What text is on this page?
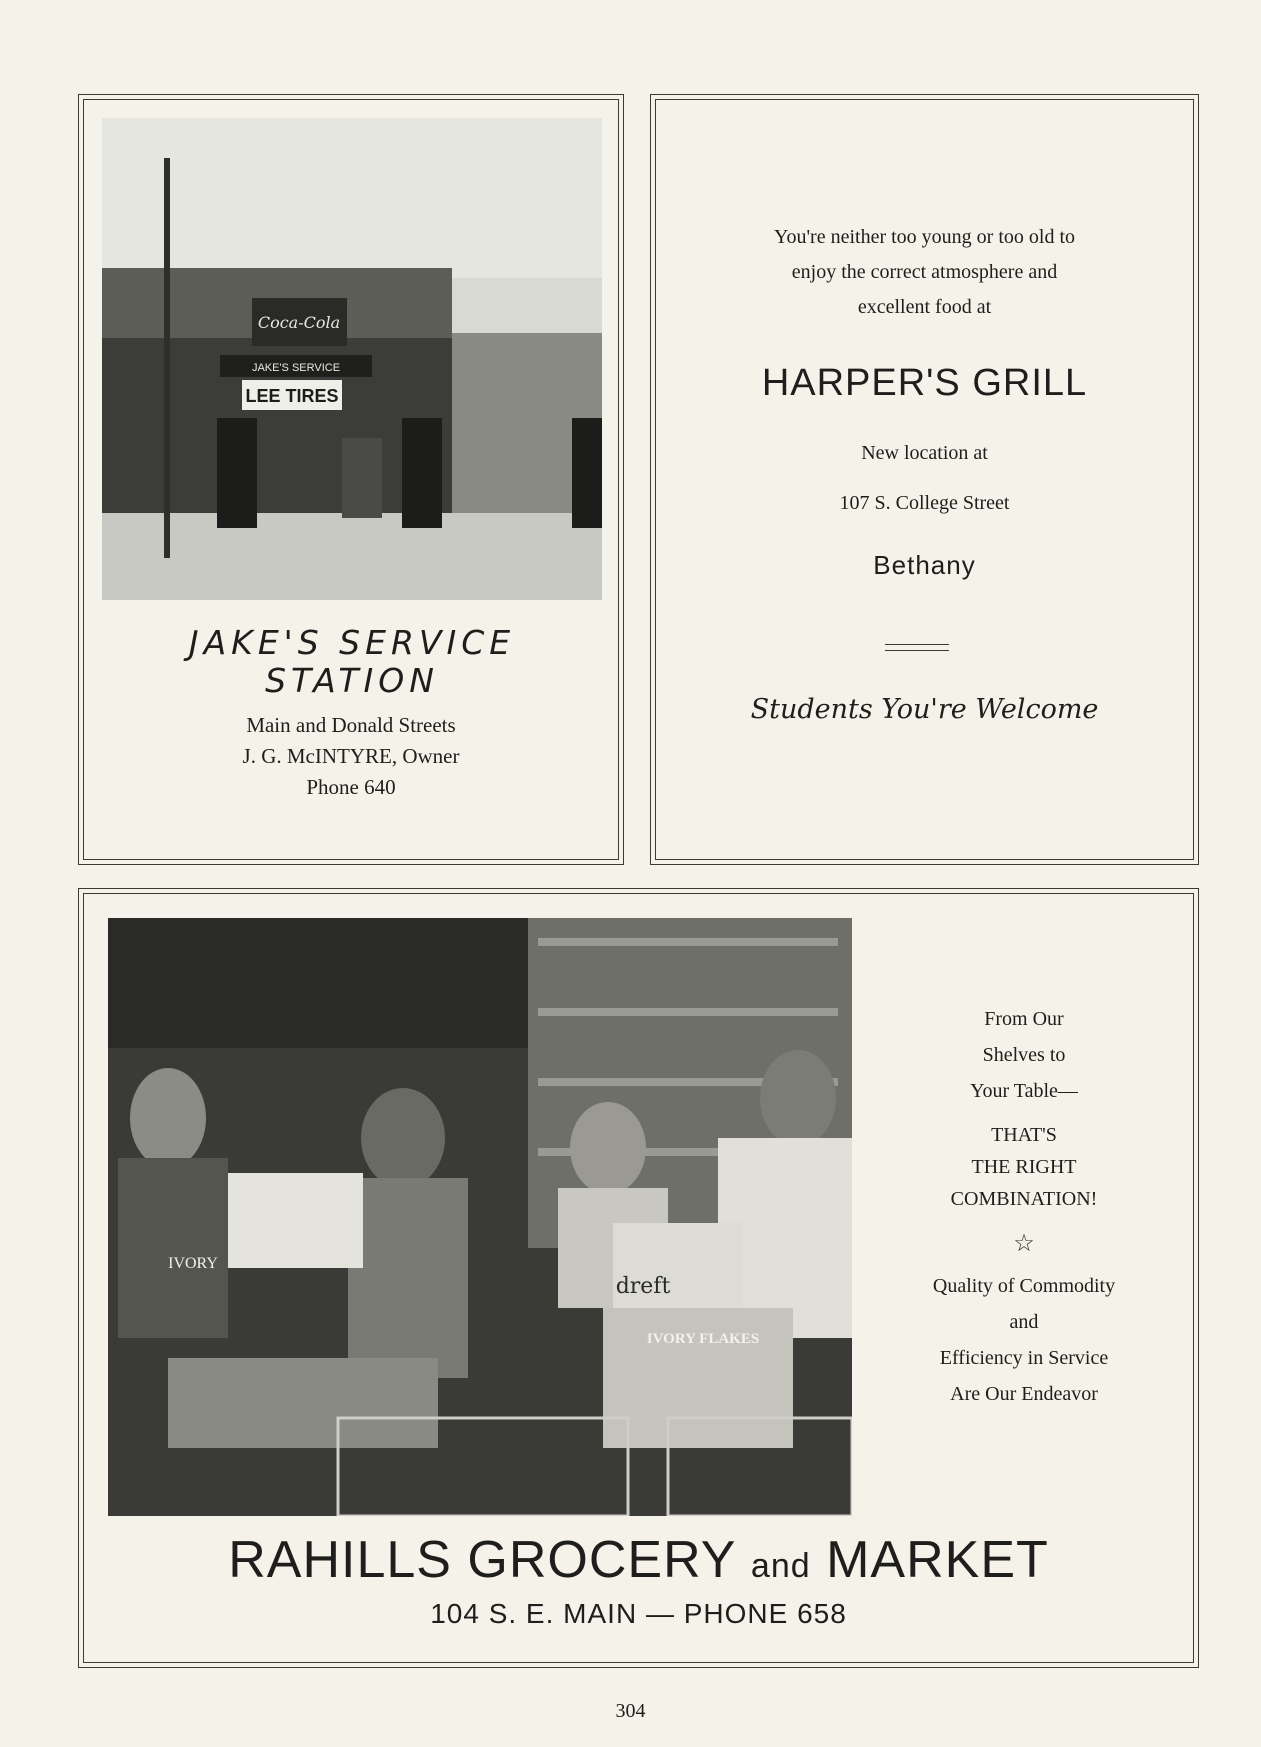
Coca-Cola
JAKE'S SERVICE
LEE TIRES
JAKE'S SERVICE
STATION
Main and Donald Streets
J. G. McINTYRE, Owner
Phone 640
You're neither too young or too old to
enjoy the correct atmosphere and
excellent food at
HARPER'S GRILL
New location at
107 S. College Street
Bethany
Students You're Welcome
dreft
IVORY FLAKES
IVORY
From Our
Shelves to
Your Table—
THAT'S
THE RIGHT
COMBINATION!
☆
Quality of Commodity
and
Efficiency in Service
Are Our Endeavor
RAHILLS GROCERY and MARKET
104 S. E. MAIN — PHONE 658
304
